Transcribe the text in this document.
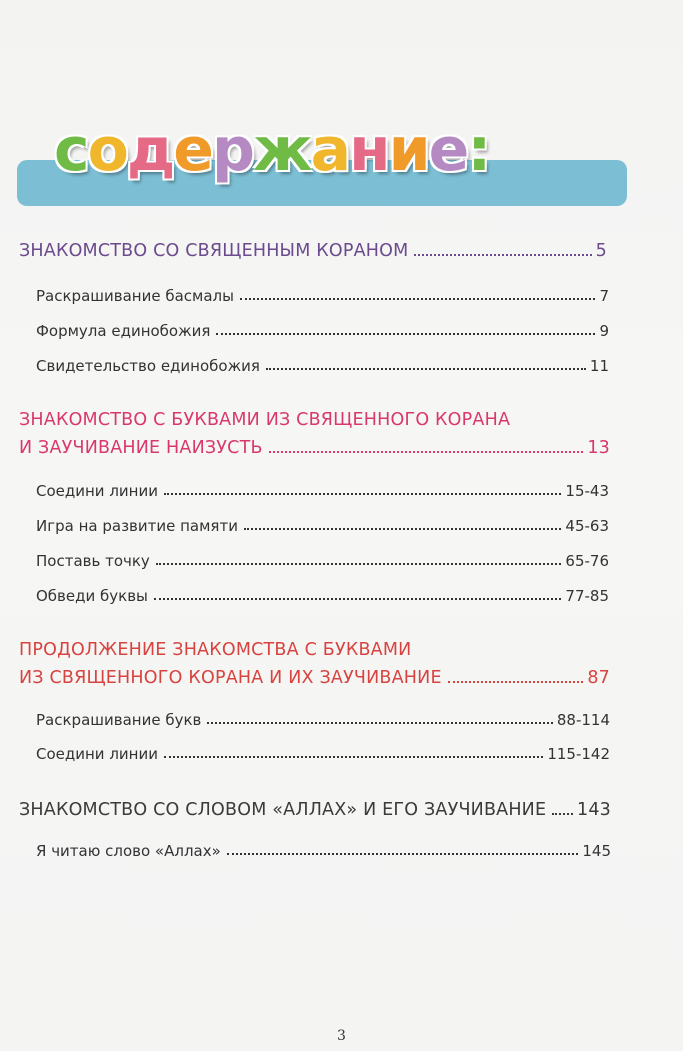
с о д е р ж а н и е :
ЗНАКОМСТВО СО СВЯЩЕННЫМ КОРАНОМ	5
Раскрашивание басмалы	7
Формула единобожия	9
Свидетельство единобожия	11
ЗНАКОМСТВО С БУКВАМИ ИЗ СВЯЩЕННОГО КОРАНА
И ЗАУЧИВАНИЕ НАИЗУСТЬ	13
Соедини линии	15-43
Игра на развитие памяти	45-63
Поставь точку	65-76
Обведи буквы	77-85
ПРОДОЛЖЕНИЕ ЗНАКОМСТВА С БУКВАМИ
ИЗ СВЯЩЕННОГО КОРАНА И ИХ ЗАУЧИВАНИЕ	87
Раскрашивание букв	88-114
Соедини линии	115-142
ЗНАКОМСТВО СО СЛОВОМ «АЛЛАХ» И ЕГО ЗАУЧИВАНИЕ 143
Я читаю слово «Аллах»	145
3
